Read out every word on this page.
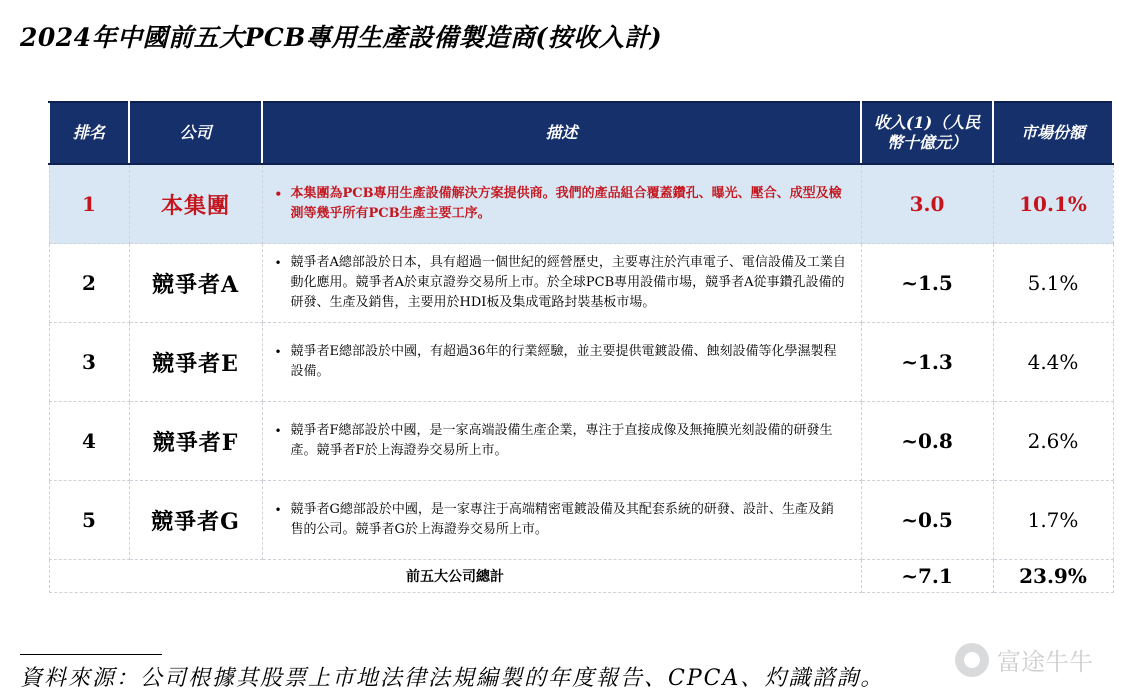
2024年中國前五大PCB專用生產設備製造商(按收入計)
排名	公司	描述	收入(1)（人民幣十億元）	市場份額
1	本集團	• 本集團為PCB專用生產設備解決方案提供商。我們的產品組合覆蓋鑽孔、曝光、壓合、成型及檢測等幾乎所有PCB生產主要工序。	3.0	10.1%
2	競爭者A	• 競爭者A總部設於日本，具有超過一個世紀的經營歷史，主要專注於汽車電子、電信設備及工業自動化應用。競爭者A於東京證券交易所上市。於全球PCB專用設備市場，競爭者A從事鑽孔設備的研發、生產及銷售，主要用於HDI板及集成電路封裝基板市場。	~1.5	5.1%
3	競爭者E	• 競爭者E總部設於中國，有超過36年的行業經驗，並主要提供電鍍設備、蝕刻設備等化學濕製程設備。	~1.3	4.4%
4	競爭者F	• 競爭者F總部設於中國，是一家高端設備生產企業，專注于直接成像及無掩膜光刻設備的研發生產。競爭者F於上海證券交易所上市。	~0.8	2.6%
5	競爭者G	• 競爭者G總部設於中國，是一家專注于高端精密電鍍設備及其配套系統的研發、設計、生產及銷售的公司。競爭者G於上海證券交易所上市。	~0.5	1.7%
前五大公司總計			~7.1	23.9%
資料來源：公司根據其股票上市地法律法規編製的年度報告、CPCA、灼識諮詢。
富途牛牛
